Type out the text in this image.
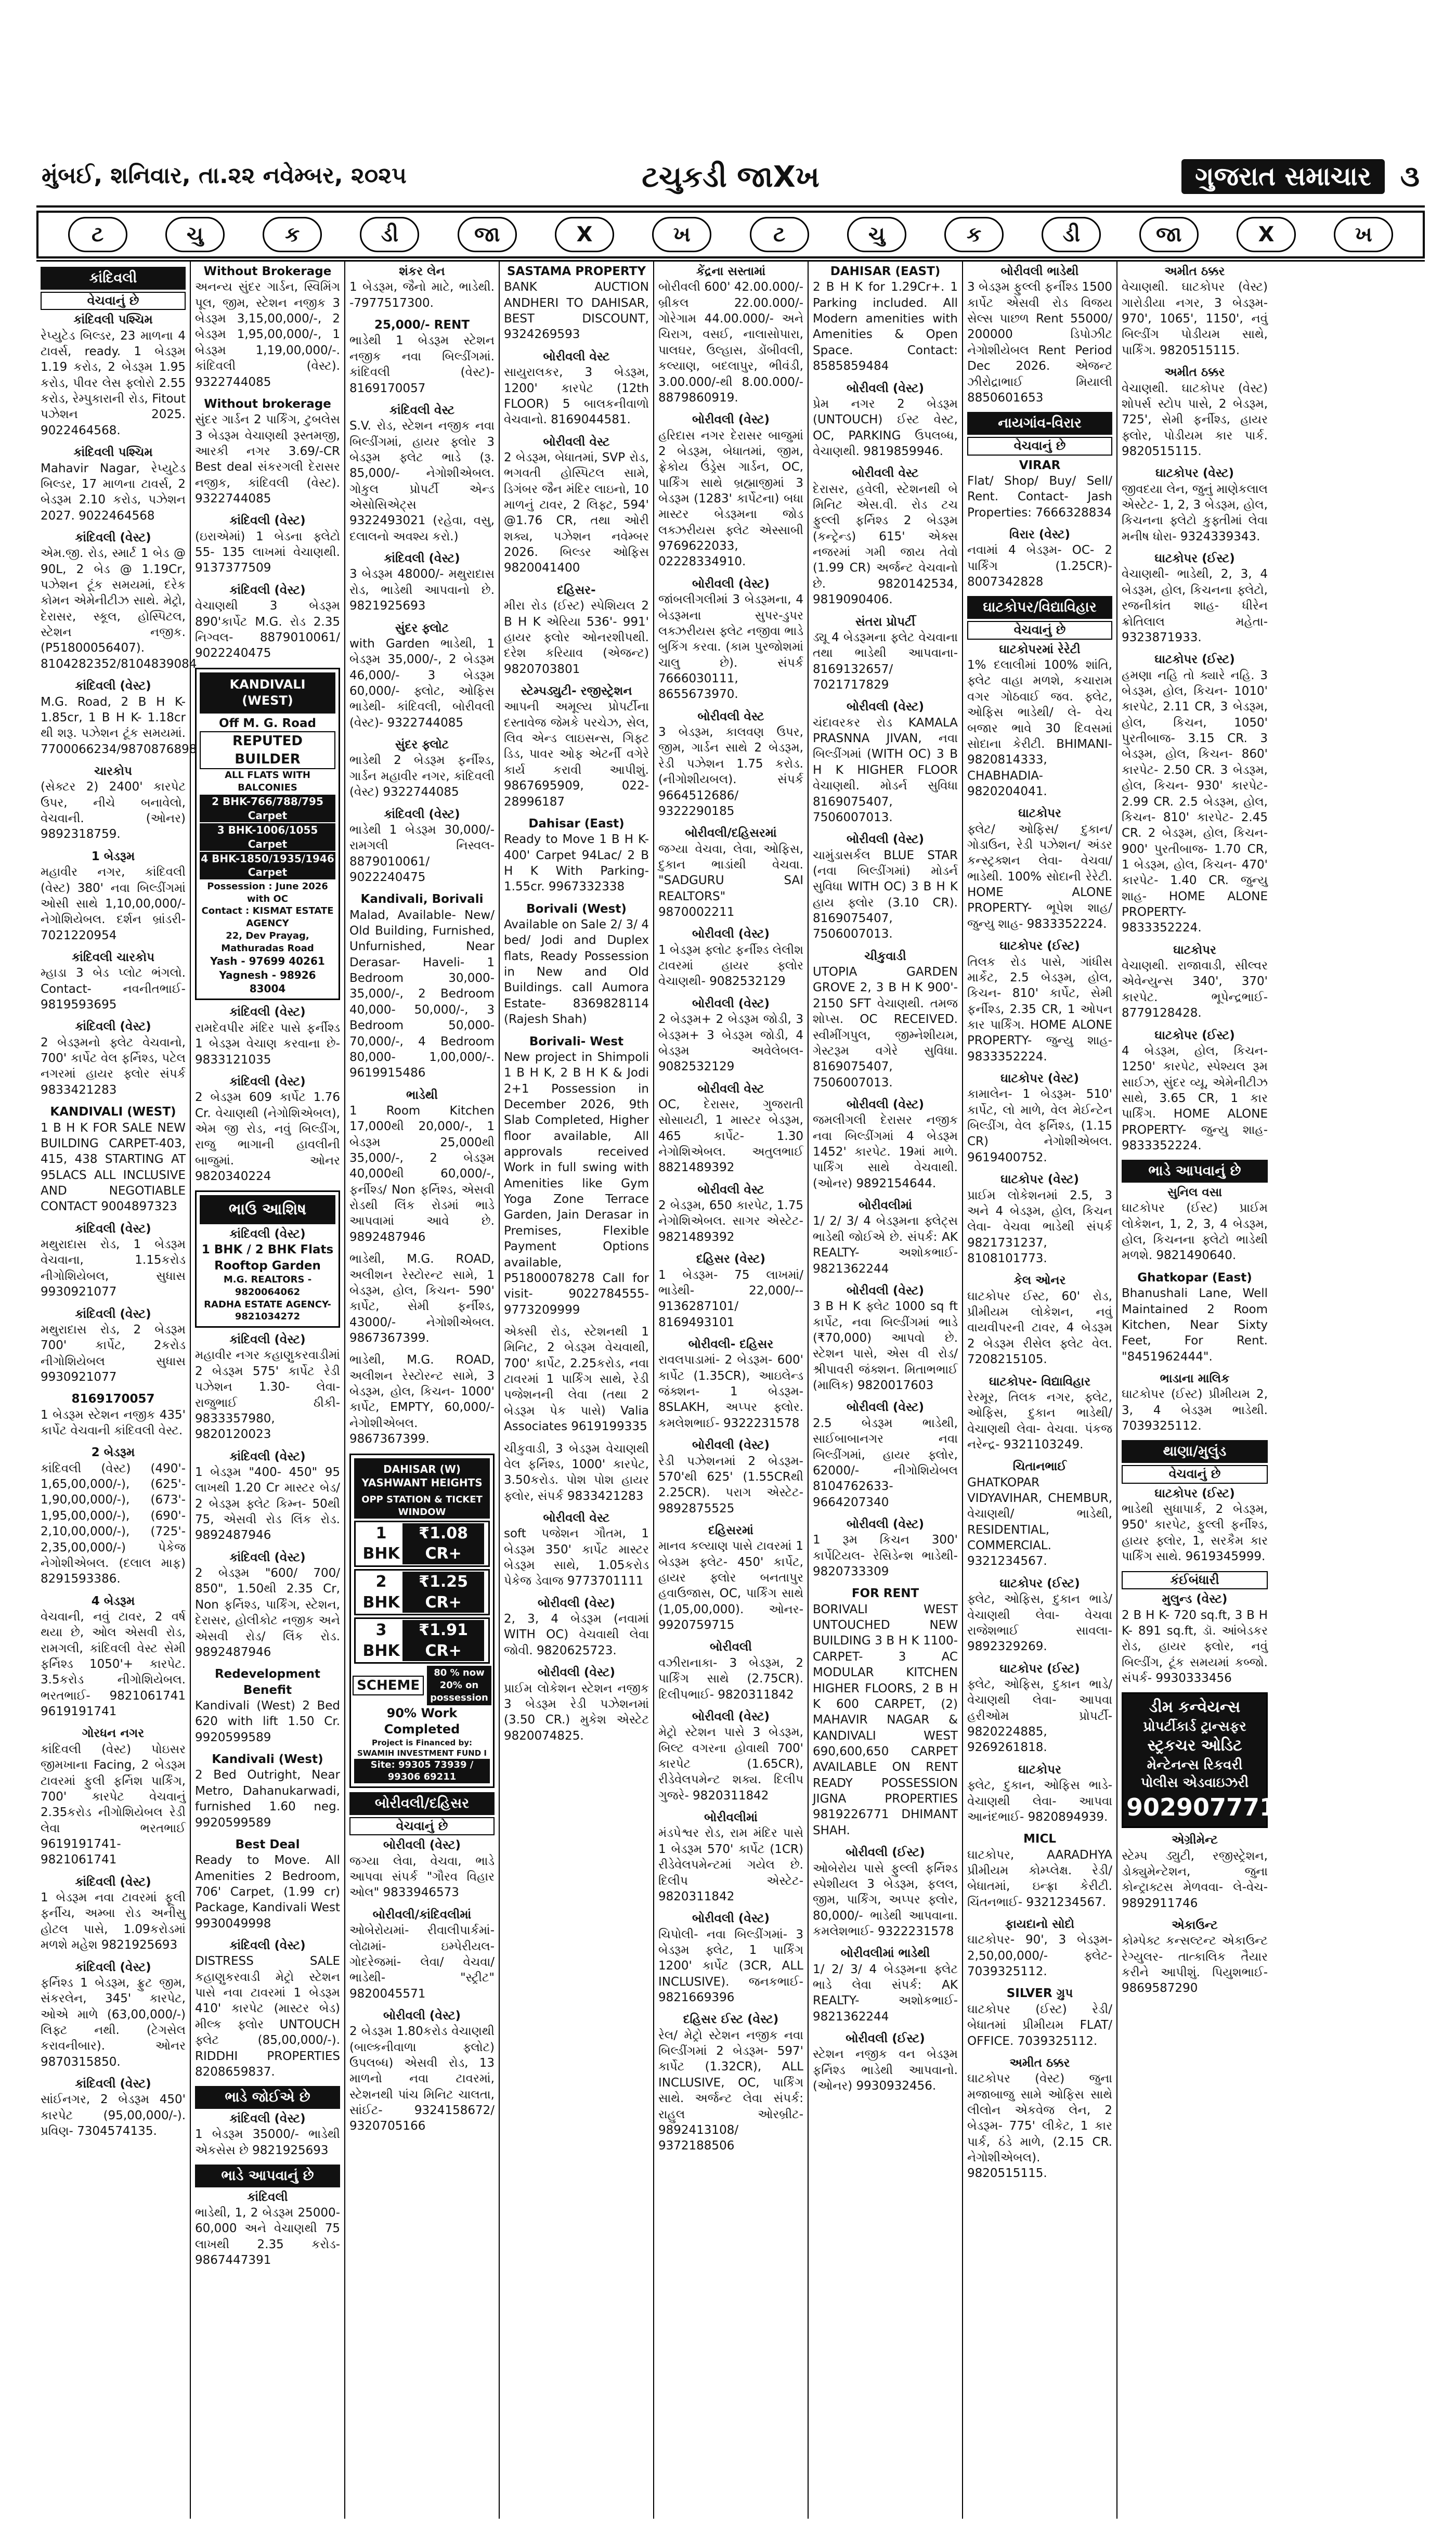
મુંબઈ, શનિવાર, તા.૨૨ નવેમ્બર, ૨૦૨૫	ટચુકડી જાXખ	ગુજરાત સમાચાર	૩
ટ	ચુ	ક	ડી	જા	X	ખ	ટ	ચુ	ક	ડી	જા	X	ખ
કાંદિવલી
વેચવાનું છે
કાંદિવલી પશ્ચિમ
રેપ્યુટેડ બિલ્ડર, 23 માળના 4 ટાવર્સ, ready. 1 બેડરૂમ 1.19 કરોડ, 2 બેડરૂમ 1.95 કરોડ, પીવર લેસ ફ્લોરો 2.55 કરોડ, રેમ્પુકારાની રોડ, Fitout પઝેશન 2025. 9022464568.
કાંદિવલી પશ્ચિમ
Mahavir Nagar, રેપ્યુટેડ બિલ્ડર, 17 માળના ટાવર્સ, 2 બેડરૂમ 2.10 કરોડ, પઝેશન 2027. 9022464568
કાંદિવલી (વેસ્ટ)
એમ.જી. રોડ, સ્માર્ટ 1 બેડ @ 90L, 2 બેડ @ 1.19Cr, પઝેશન ટૂંક સમયમાં, દરેક કોમન એમેનીટીઝ સાથે. મેટ્રો, દેરાસર, સ્કૂલ, હોસ્પિટલ, સ્ટેશન નજીક. (P51800056407). 8104282352/8104839084
કાંદિવલી (વેસ્ટ)
M.G. Road, 2 B H K- 1.85cr, 1 B H K- 1.18cr થી શરૂ. પઝેશન ટૂંક સમયમાં. 7700066234/9870876898
ચારકોપ
(સેક્ટર 2) 2400' કારપેટ ઉપર, નીચે બનાવેલો, વેચવાની. (ઓનર) 9892318759.
1 બેડરૂમ
મહાવીર નગર, કાંદિવલી (વેસ્ટ) 380' નવા બિલ્ડીંગમાં ઓસી સાથે 1,10,00,000/- નેગોશિયેબલ. દર્શન બ્રાંડરી- 7021220954
કાંદિવલી ચારકોપ
મ્હાડા 3 બેડ પ્લોટ ભંગલો. Contact- નવનીતભાઈ- 9819593695
કાંદિવલી (વેસ્ટ)
2 બેડરૂમનો ફ્લેટ વેચવાનો, 700' કાર્પેટ વેલ ફર્નિશ્ડ, પટેલ નગરમાં હાયર ફ્લોર સંપર્ક 9833421283
KANDIVALI (WEST)
1 B H K FOR SALE NEW BUILDING CARPET-403, 415, 438 STARTING AT 95LACS ALL INCLUSIVE AND NEGOTIABLE CONTACT 9004897323
કાંદિવલી (વેસ્ટ)
મથુરાદાસ રોડ, 1 બેડરૂમ વેચવાના, 1.15કરોડ નીગોશિયેબલ, સુધાસ 9930921077
કાંદિવલી (વેસ્ટ)
મથુરાદાસ રોડ, 2 બેડરૂમ 700' કાર્પેટ, 2કરોડ નીગોશિયેબલ સુધાસ 9930921077
8169170057
1 બેડરૂમ સ્ટેશન નજીક 435' કાર્પેટ વેચવાની કાંદિવલી વેસ્ટ.
2 બેડરૂમ
કાંદિવલી (વેસ્ટ) (490'- 1,65,00,000/-), (625'- 1,90,00,000/-), (673'- 1,95,00,000/-), (690'- 2,10,00,000/-), (725'- 2,35,00,000/-) પેકેજ નેગોશીએબલ. (દલાલ માફ) 8291593386.
4 બેડરૂમ
વેચવાની, નવું ટાવર, 2 વર્ષ થયા છે, ઓલ એસવી રોડ, રામગલી, કાંદિવલી વેસ્ટ સેમી ફર્નિશ્ડ 1050'+ કારપેટ. 3.5કરોડ નીગોશિયેબલ. ભરતભાઈ- 9821061741 9619191741
ગોરધન નગર
કાંદિવલી (વેસ્ટ) પોઇસર જીમખાના Facing, 2 બેડરૂમ ટાવરમાં ફુલી ફર્નિશ પાર્કિંગ, 700' કારપેટ વેચવાનું 2.35કરોડ નીગોશિયેબલ રેડી લેવા ભરતભાઈ 9619191741- 9821061741
કાંદિવલી (વેસ્ટ)
1 બેડરૂમ નવા ટાવરમાં ફૂલી ફર્નીચ, અમ્બા રોડ અનીસુ હોટલ પાસે, 1.09કરોડમાં મળશે મહેશ 9821925693
કાંદિવલી (વેસ્ટ)
ફર્નિશ્ડ 1 બેડરૂમ, ફ્રુટ જીમ, સંકરલેન, 345' કારપેટ, ઓએ માળે (63,00,000/-) લિફ્ટ નથી. (ટેગસેલ કરાવનીબાર). ઓનર 9870315850.
કાંદિવલી (વેસ્ટ)
સાંઈનગર, 2 બેડરૂમ 450' કારપેટ (95,00,000/-). પ્રવિણ- 7304574135.
Without Brokerage
અનન્ય સુંદર ગાર્ડન, સ્વિમિંગ પૂલ, જીમ, સ્ટેશન નજીક 3 બેડરૂમ 3,15,00,000/-, 2 બેડરૂમ 1,95,00,000/-, 1 બેડરૂમ 1,19,00,000/-. કાંદિવલી (વેસ્ટ). 9322744085
Without brokerage
સુંદર ગાર્ડન 2 પાર્કિંગ, ટુબલેસ 3 બેડરૂમ વેચાણથી રૂસ્તમજી, આરકી નગર 3.69/-CR Best deal સંકરગલી દેરાસર નજીક, કાંદિવલી (વેસ્ટ). 9322744085
કાંદિવલી (વેસ્ટ)
(ઇરાએમાં) 1 બેડના ફ્લેટો 55- 135 લાખમાં વેચાણથી. 9137377509
કાંદિવલી (વેસ્ટ)
વેચાણથી 3 બેડરૂમ 890'કાર્પેટ M.G. રોડ 2.35 નિગ્વલ- 8879010061/ 9022240475
KANDIVALI (WEST)
Off M. G. Road
REPUTED BUILDER
ALL FLATS WITH BALCONIES
2 BHK-766/788/795 Carpet
3 BHK-1006/1055 Carpet
4 BHK-1850/1935/1946 Carpet
Possession : June 2026 with OC
Contact : KISMAT ESTATE AGENCY
22, Dev Prayag, Mathuradas Road
Yash - 97699 40261
Yagnesh - 98926 83004
કાંદિવલી (વેસ્ટ)
રામદેવપીર મંદિર પાસે ફર્નીશ્ડ 1 બેડરૂમ વેચાણ કરવાના છે- 9833121035
કાંદિવલી (વેસ્ટ)
2 બેડરૂમ 609 કાર્પેટ 1.76 Cr. વેચાણથી (નેગોશિએબલ), એમ જી રોડ, નવું બિલ્ડીંગ, રાજુ ભાગાની હાવલીની બાજુમાં. ઓનર 9820340224
ભાઉ આશિષ
કાંદિવલી (વેસ્ટ)
1 BHK / 2 BHK Flats
Rooftop Garden
M.G. REALTORS - 9820064062
RADHA ESTATE AGENCY-9821034272
કાંદિવલી (વેસ્ટ)
મહાવીર નગર કહાણુકરવાડીમાં 2 બેડરૂમ 575' કાર્પેટ રેડી પઝેશન 1.30- લેવા- રાજુભાઈ ઠીકી- 9833357980, 9820120023
કાંદિવલી (વેસ્ટ)
1 બેડરૂમ "400- 450" 95 લાખથી 1.20 Cr માસ્ટર બેડ/ 2 બેડરૂમ ફ્લેટ કિમ્ન- 50થી 75, એસવી રોડ લિંક રોડ. 9892487946
કાંદિવલી (વેસ્ટ)
2 બેડરૂમ "600/ 700/ 850", 1.50થી 2.35 Cr, Non ફર્નિશ્ડ, પાર્કિંગ, સ્ટેશન, દેરાસર, હોલીકોટ નજીક અને એસવી રોડ/ લિંક રોડ. 9892487946
Redevelopment Benefit
Kandivali (West) 2 Bed 620 with lift 1.50 Cr. 9920599589
Kandivali (West)
2 Bed Outright, Near Metro, Dahanukarwadi, furnished 1.60 neg. 9920599589
Best Deal
Ready to Move. All Amenities 2 Bedroom, 706' Carpet, (1.99 cr) Package, Kandivali West 9930049998
કાંદિવલી (વેસ્ટ)
DISTRESS SALE કહાણુકરવાડી મેટ્રો સ્ટેશન પાસે નવા ટાવરમાં 1 બેડરૂમ 410' કારપેટ (માસ્ટર બેડ) મીલ્ક ફ્લોર UNTOUCH ફ્લેટ (85,00,000/-). RIDDHI PROPERTIES 8208659837.
ભાડે જોઈએ છે
કાંદિવલી (વેસ્ટ)
1 બેડરૂમ 35000/- ભાડેથી એકસેસ છે 9821925693
ભાડે આપવાનું છે
કાંદિવલી
ભાડેથી, 1, 2 બેડરૂમ 25000- 60,000 અને વેચાણથી 75 લાખથી 2.35 કરોડ- 9867447391
શંકર લેન
1 બેડરૂમ, જૈનો માટે, ભાડેથી. -7977517300.
25,000/- RENT
ભાડેથી 1 બેડરૂમ સ્ટેશન નજીક નવા બિલ્ડીંગમાં. કાંદિવલી (વેસ્ટ)- 8169170057
કાંદિવલી વેસ્ટ
S.V. રોડ, સ્ટેશન નજીક નવા બિલ્ડીંગમાં, હાયર ફ્લોર 3 બેડરૂમ ફ્લેટ ભાડે (રૂ. 85,000/- નેગોશીએબલ. ગોકુલ પ્રોપર્ટી એન્ડ એસોસિએટ્સ 9322493021 (રહેવા, વસુ, દલાલનો અવશ્ય કરો.)
કાંદિવલી (વેસ્ટ)
3 બેડરૂમ 48000/- મથુરાદાસ રોડ, ભાડેથી આપવાનો છે. 9821925693
સુંદર ફ્લોટ
with Garden ભાડેથી, 1 બેડરૂમ 35,000/-, 2 બેડરૂમ 46,000/- 3 બેડરૂમ 60,000/- ફ્લોટ, ઓફિસ ભાડેથી- કાંદિવલી, બોરીવલી (વેસ્ટ)- 9322744085
સુંદર ફ્લોટ
ભાડેથી 2 બેડરૂમ ફર્નીશ્ડ, ગાર્ડન મહાવીર નગર, કાંદિવલી (વેસ્ટ) 9322744085
કાંદિવલી (વેસ્ટ)
ભાડેથી 1 બેડરૂમ 30,000/- રામગલી નિસ્વલ- 8879010061/ 9022240475
Kandivali, Borivali
Malad, Available- New/ Old Building, Furnished, Unfurnished, Near Derasar- Haveli- 1 Bedroom 30,000- 35,000/-, 2 Bedroom 40,000- 50,000/-, 3 Bedroom 50,000- 70,000/-, 4 Bedroom 80,000- 1,00,000/-. 9619915486
ભાડેથી
1 Room Kitchen 17,000થી 20,000/-, 1 બેડરૂમ 25,000થી 35,000/-, 2 બેડરૂમ 40,000થી 60,000/-, ફર્નીશ્ડ/ Non ફર્નિશ્ડ, એસવી રોડથી લિંક રોડમાં ભાડે આપવામાં આવે છે. 9892487946
ભાડેથી, M.G. ROAD, અલીશન રેસ્ટોરન્ટ સામે, 1 બેડરૂમ, હોલ, કિચન- 590' કાર્પેટ, સેમી ફર્નીશ્ડ, 43000/- નેગોશીએબલ. 9867367399.
ભાડેથી, M.G. ROAD, અલીશન રેસ્ટોરન્ટ સામે, 3 બેડરૂમ, હોલ, કિચન- 1000' કાર્પેટ, EMPTY, 60,000/- નેગોશીએબલ. 9867367399.
DAHISAR (W) YASHWANT HEIGHTS
OPP STATION & TICKET WINDOW
1 BHK
₹1.08 CR+
2 BHK
₹1.25 CR+
3 BHK
₹1.91 CR+
SCHEME
80 % now
20% on possession
90% Work Completed
Project is Financed by: SWAMIH INVESTMENT FUND I
Site: 99305 73939 / 99306 69211
બોરીવલી/દહિસર
વેચવાનું છે
બોરીવલી (વેસ્ટ)
જગ્યા લેવા, વેચવા, ભાડે આપવા સંપર્ક "ગૌરવ વિહાર ઓલ" 9833946573
બોરીવલી/કાંદિવલીમાં
ઓબેરોયમાં- રીવાલીપાર્કમાં- લોઢામાં- ઇમ્પેરીયલ- ગોદરેજમાં- લેવા/ વેચવા/ ભાડેથી- "સ્ટ્રીટ" 9820045571
બોરીવલી (વેસ્ટ)
2 બેડરૂમ 1.80કરોડ વેચાણથી (બાલ્કનીવાળા ફ્લોટ) ઉપલબ્ધ) એસવી રોડ, 13 માળનો નવા ટાવરમાં, સ્ટેશનથી પાંચ મિનિટ ચાલતા, સાંઈટ- 9324158672/ 9320705166
SASTAMA PROPERTY
BANK AUCTION ANDHERI TO DAHISAR, BEST DISCOUNT, 9324269593
બોરીવલી વેસ્ટ
સાયુરાલકર, 3 બેડરૂમ, 1200' કારપેટ (12th FLOOR) 5 બાલકનીવાળો વેચવાનો. 8169044581.
બોરીવલી વેસ્ટ
2 બેડરૂમ, બેધાતમાં, SVP રોડ, ભગવતી હોસ્પિટલ સામે, ડિગંબર જૈન મંદિર લાઇનો, 10 માળનું ટાવર, 2 લિફ્ટ, 594' @1.76 CR, તથા ઓરી શક્ય, પઝેશન નવેમ્બર 2026. બિલ્ડર ઓફિસ 9820041400
દહિસર-
મીરા રોડ (ઈસ્ટ) સ્પેશિયલ 2 B H K એરિયા 536'- 991' હાયર ફ્લોર ઓનરશીપથી. દરેશ કરિયાવ (એજન્ટ) 9820703801
સ્ટેમ્પડ્યુટી- રજીસ્ટ્રેશન
આપની અમૂલ્ય પ્રોપર્ટીના દસ્તાવેજ જેમકે પરચેઝ, સેલ, લિવ એન્ડ લાઇસન્સ, ગિફ્ટ ડિડ, પાવર ઓફ એટર્ની વગેરે કાર્ય કરાવી આપીશું. 9867695909, 022-28996187
Dahisar (East)
Ready to Move 1 B H K- 400' Carpet 94Lac/ 2 B H K With Parking- 1.55cr. 9967332338
Borivali (West)
Available on Sale 2/ 3/ 4 bed/ Jodi and Duplex flats, Ready Possession in New and Old Buildings. call Aumora Estate- 8369828114 (Rajesh Shah)
Borivali- West
New project in Shimpoli 1 B H K, 2 B H K & Jodi 2+1 Possession in December 2026, 9th Slab Completed, Higher floor available, All approvals received Work in full swing with Amenities like Gym Yoga Zone Terrace Garden, Jain Derasar in Premises, Flexible Payment Options available, P51800078278 Call for visit- 9022784555- 9773209999
એક્સી રોડ, સ્ટેશનથી 1 મિનિટ, 2 બેડરૂમ વેચવાથી, 700' કાર્પેટ, 2.25કરોડ, નવા ટાવરમાં 1 પાર્કિંગ સાથે, રેડી પજેશનની લેવા (તથા 2 બેડરૂમ પેક પાસે) Valia Associates 9619199335
ચીકુવાડી, 3 બેડરૂમ વેચાણથી વેલ ફર્નિશ્ડ, 1000' કારપેટ, 3.50કરોડ. પોશ પોશ હાયર ફ્લોર, સંપર્ક 9833421283
બોરીવલી વેસ્ટ
soft પજેશન ગૌતમ, 1 બેડરૂમ 350' કાર્પેટ માસ્ટર બેડરૂમ સાથે, 1.05કરોડ પેકેજ ડેવાજ 9773701111
બોરીવલી (વેસ્ટ)
2, 3, 4 બેડરૂમ (નવામાં WITH OC) વેચવાથી લેવા જોવી. 9820625723.
બોરીવલી (વેસ્ટ)
પ્રાઈમ લોકેશન સ્ટેશન નજીક 3 બેડરૂમ રેડી પઝેશનમાં (3.50 CR.) મુકેશ એસ્ટેટ 9820074825.
કેંદ્રના સસ્તામાં
બોરીવલી 600' 42.00.000/- બ્રીકલ 22.00.000/- ગોરેગામ 44.00.000/- અને ચિરાગ, વસઈ, નાલાસોપારા, પાલઘર, ઉલ્હાસ, ડોંબીવલી, કલ્યાણ, બદલાપુર, ભીવંડી, 3.00.000/-થી 8.00.000/- 8879860919.
બોરીવલી (વેસ્ટ)
હરિદાસ નગર દેરાસર બાજુમાં 2 બેડરૂમ, બેધાતમાં, જીમ, ફ્રેકોય ઉંડ્રેસ ગાર્ડન, OC, પાર્કિંગ સાથે બ્રહ્માજીમાં 3 બેડરૂમ (1283' કાર્પેટના) બધા માસ્ટર બેડરૂમના જોડ લક્ઝરીયસ ફ્લેટ એસ્સાબી 9769622033, 02228334910.
બોરીવલી (વેસ્ટ)
જાંબલીગલીમાં 3 બેડરૂમના, 4 બેડરૂમના સુપર-ડુપર લક્ઝરીયસ ફ્લેટ નજીવા ભાડે બુકિંગ કરવા. (કામ પુરજોશમાં ચાલુ છે). સંપર્ક 7666030111, 8655673970.
બોરીવલી વેસ્ટ
3 બેડરૂમ, કાલવણ ઉપર, જીમ, ગાર્ડન સાથે 2 બેડરૂમ, રેડી પઝેશન 1.75 કરોડ. (નીગોશીયબલ). સંપર્ક 9664512686/ 9322290185
બોરીવલી/દહિસરમાં
જગ્યા વેચવા, લેવા, ઓફિસ, દુકાન ભાડાંથી વેચવા. "SADGURU SAI REALTORS" 9870002211
બોરીવલી (વેસ્ટ)
1 બેડરૂમ ફ્લોટ ફર્નીશ્ડ લેલીશ ટાવરમાં હાયર ફ્લોર વેચાણથી- 9082532129
બોરીવલી (વેસ્ટ)
2 બેડરૂમ+ 2 બેડરૂમ જોડી, 3 બેડરૂમ+ 3 બેડરૂમ જોડી, 4 બેડરૂમ અવેલેબલ- 9082532129
બોરીવલી વેસ્ટ
OC, દેરાસર, ગુજરાતી સોસાયટી, 1 માસ્ટર બેડરૂમ, 465 કાર્પેટ- 1.30 નેગોશિએબલ. અતુલભાઈ 8821489392
બોરીવલી વેસ્ટ
2 બેડરૂમ, 650 કારપેટ, 1.75 નેગોશિએબલ. સાગર એસ્ટેટ- 9821489392
દહિસર (વેસ્ટ)
1 બેડરૂમ- 75 લાખમાં/ ભાડેથી- 22,000/-- 9136287101/ 8169493101
બોરીવલી- દહિસર
રાવલપાડામાં- 2 બેડરૂમ- 600' કાર્પેટ (1.35CR), આઇલેન્ડ જંક્શન- 1 બેડરૂમ- 8SLAKH, અપ્પર ફ્લોર. કમલેશભાઈ- 9322231578
બોરીવલી (વેસ્ટ)
રેડી પઝેશનમાં 2 બેડરૂમ- 570'થી 625' (1.55CRથી 2.25CR). પરાગ એસ્ટેટ- 9892875525
દહિસરમાં
માનવ કલ્યાણ પાસે ટાવરમાં 1 બેડરૂમ ફ્લેટ- 450' કાર્પેટ, હાયર ફ્લોર બનતાપુર હવાઉજાસ, OC, પાર્કિંગ સાથે (1,05,00,000). ઓનર- 9920759715
બોરીવલી
વઝીરાનાકા- 3 બેડરૂમ, 2 પાર્કિંગ સાથે (2.75CR). દિલીપભાઈ- 9820311842
બોરીવલી (વેસ્ટ)
મેટ્રો સ્ટેશન પાસે 3 બેડરૂમ, બિલ્ટ વગરના હોવાથી 700' કારપેટ (1.65CR), રીડેવેલપમેન્ટ શક્ય. દિલીપ ગુજરે- 9820311842
બોરીવલીમાં
મંડપેશ્વર રોડ, રામ મંદિર પાસે 1 બેડરૂમ 570' કાર્પેટ (1CR) રીડેવેલપમેન્ટમાં ગયેલ છે. દિલીપ એસ્ટેટ- 9820311842
બોરીવલી (વેસ્ટ)
ચિપોલી- નવા બિલ્ડીંગમાં- 3 બેડરૂમ ફ્લેટ, 1 પાર્કિંગ 1200' કાર્પેટ (3CR, ALL INCLUSIVE). જનકભાઈ- 9821669396
દહિસર ઈસ્ટ (વેસ્ટ)
રેલ/ મેટ્રો સ્ટેશન નજીક નવા બિલ્ડીંગમાં 2 બેડરૂમ- 597' કાર્પેટ (1.32CR), ALL INCLUSIVE, OC, પાર્કિંગ સાથે. અર્જન્ટ લેવા સંપર્ક: રાહુલ ઓરબ્રીટ- 9892413108/ 9372188506
DAHISAR (EAST)
2 B H K for 1.29Cr+. 1 Parking included. All Modern amenities with Amenities & Open Space. Contact: 8585859484
બોરીવલી (વેસ્ટ)
પ્રેમ નગર 2 બેડરૂમ (UNTOUCH) ઈસ્ટ વેસ્ટ, OC, PARKING ઉપલબ્ધ, વેચાણથી. 9819859946.
બોરીવલી વેસ્ટ
દેરાસર, હવેલી, સ્ટેશનથી બે મિનિટ એસ.વી. રોડ ટચ ફુલ્લી ફર્નિશ્ડ 2 બેડરૂમ (કન્ટ્રેન્ડ) 615' એક્સ નજરમાં ગમી જાય તેવો (1.99 CR) અર્જન્ટ વેચવાનો છે. 9820142534, 9819090406.
સંતરા પ્રોપર્ટી
ડ્યૂ 4 બેડરૂમના ફ્લેટ વેચવાના તથા ભાડેથી આપવાના- 8169132657/ 7021717829
બોરીવલી (વેસ્ટ)
ચંદાવરકર રોડ KAMALA PRASNNA JIVAN, નવા બિલ્ડીંગમાં (WITH OC) 3 B H K HIGHER FLOOR વેચાણથી. મોડર્ન સુવિધા 8169075407, 7506007013.
બોરીવલી (વેસ્ટ)
ચામુંડાસર્કલ BLUE STAR (નવા બિલ્ડીંગમાં) મોડર્ન સુવિધા WITH OC) 3 B H K હાય ફ્લોર (3.10 CR). 8169075407, 7506007013.
ચીકુવાડી
UTOPIA GARDEN GROVE 2, 3 B H K 900'- 2150 SFT વેચાણથી. તમજ શોપ્સ. OC RECEIVED. સ્વીમીંગપુલ, જીમ્નેશીયમ, ગેસ્ટરૂમ વગેરે સુવિધા. 8169075407, 7506007013.
બોરીવલી (વેસ્ટ)
જમલીગલી દેરાસર નજીક નવા બિલ્ડીંગમાં 4 બેડરૂમ 1452' કારપેટ. 19માં માળે. પાર્કિંગ સાથે વેચવાથી. (ઓનર) 9892154644.
બોરીવલીમાં
1/ 2/ 3/ 4 બેડરૂમના ફ્લેટ્સ ભાડેથી જોઈએ છે. સંપર્ક: AK REALTY- અશોકભાઈ- 9821362244
બોરીવલી (વેસ્ટ)
3 B H K ફ્લેટ 1000 sq ft કાર્પેટ, નવા બિલ્ડીંગમાં ભાડે (₹70,000) આપવો છે. સ્ટેશન પાસે, એસ વી રોડ/ શ્રીપાવરી જંક્શન. મિતાભભાઈ (માલિક) 9820017603
બોરીવલી (વેસ્ટ)
2.5 બેડરૂમ ભાડેથી, સાઈબાબાનગર નવા બિલ્ડીંગમાં, હાયર ફ્લોર, 62000/- નીગોશિયેબલ 8104762633- 9664207340
બોરીવલી (વેસ્ટ)
1 રૂમ કિચન 300' કાર્પેટિયલ- રેસિડેન્શ ભાડેથી- 9820733309
FOR RENT
BORIVALI WEST UNTOUCHED NEW BUILDING 3 B H K 1100- CARPET- 3 AC MODULAR KITCHEN HIGHER FLOORS, 2 B H K 600 CARPET, (2) MAHAVIR NAGAR & KANDIVALI WEST 690,600,650 CARPET AVAILABLE ON RENT READY POSSESSION JIGNA PROPERTIES 9819226771 DHIMANT SHAH.
બોરીવલી (ઈસ્ટ)
ઓબેરોય પાસે ફુલ્લી ફર્નિશ્ડ સ્પેશીયલ 3 બેડરૂમ, ફલલ, જીમ, પાર્કિંગ, અપ્પર ફ્લોર, 80,000/- ભાડેથી આપવાના. કમલેશભાઈ- 9322231578
બોરીવલીમાં ભાડેથી
1/ 2/ 3/ 4 બેડરૂમના ફ્લેટ ભાડે લેવા સંપર્ક: AK REALTY- અશોકભાઈ- 9821362244
બોરીવલી (ઈસ્ટ)
સ્ટેશન નજીક વન બેડરૂમ ફર્નિશ્ડ ભાડેથી આપવાનો. (ઓનર) 9930932456.
બોરીવલી ભાડેથી
3 બેડરૂમ ફુલ્લી ફર્નીશ્ડ 1500 કાર્પેટ એસવી રોડ વિજય સેલ્સ પાછળ Rent 55000/ 200000 ડિપોઝીટ નેગોશીયેબલ Rent Period Dec 2026. એજન્ટ ઝીરોદ્રાભાઈ મિયાલી 8850601653
નાયગાંવ-વિરાર
વેચવાનું છે
VIRAR
Flat/ Shop/ Buy/ Sell/ Rent. Contact- Jash Properties: 7666328834
વિરાર (વેસ્ટ)
નવામાં 4 બેડરૂમ- OC- 2 પાર્કિંગ (1.25CR)- 8007342828
ઘાટકોપર/વિદ્યાવિહાર
વેચવાનું છે
ઘાટકોપરમાં રેરેટી
1% દલાલીમાં 100% શાંતિ, ફ્લેટ વાહા મળશે, કચારામ વગર ગોઠવાઈ જવ. ફ્લેટ, ઓફિસ ભાડેથી/ લે- વેચ બજાર ભાવે 30 દિવસમાં સોદાના કેરીટી. BHIMANI- 9820814333, CHABHADIA- 9820204041.
ઘાટકોપર
ફ્લેટ/ ઓફિસ/ દુકાન/ ગોડાઉન, રેડી પઝેશન/ અંડર કન્સ્ટ્રક્શન લેવા- વેચવા/ ભાડેથી. 100% સોદાની રેરેટી. HOME ALONE PROPERTY- ભૂપેશ શાહ/ જુન્યુ શાહ- 9833352224.
ઘાટકોપર (ઈસ્ટ)
તિલક રોડ પાસે, ગાંધીસ માર્કેટ, 2.5 બેડરૂમ, હોલ, કિચન- 810' કાર્પેટ, સેમી ફર્નીશ્ડ, 2.35 CR, 1 ઓપન કાર પાર્કિંગ. HOME ALONE PROPERTY- જુન્યુ શાહ- 9833352224.
ઘાટકોપર (વેસ્ટ)
કામાલેન- 1 બેડરૂમ- 510' કાર્પેટ, લો માળે, વેલ મેઈન્ટેન બિલ્ડીંગ, વેલ ફર્નિશ્ડ, (1.15 CR) નેગોશીએબલ. 9619400752.
ઘાટકોપર (વેસ્ટ)
પ્રાઈમ લોકેશનમાં 2.5, 3 અને 4 બેડરૂમ, હોલ, કિચન લેવા- વેચવા ભાડેથી સંપર્ક 9821731237, 8108101773.
કેલ ઓનર
ઘાટકોપર ઈસ્ટ, 60' રોડ, પ્રીમીયમ લોકેશન, નવું વાયવીપરની ટાવર, 4 બેડરૂમ 2 બેડરૂમ રીસેલ ફ્લેટ વેલ. 7208215105.
ઘાટકોપર- વિદ્યાવિહાર
રેરમૂર, તિલક નગર, ફ્લેટ, ઓફિસ, દુકાન ભાડેથી/ વેચાણથી લેવા- વેચવા. પંકજ નરેન્દ્ર- 9321103249.
ચિતાનભાઈ
GHATKOPAR VIDYAVIHAR, CHEMBUR, વેચાણથી/ ભાડેથી, RESIDENTIAL, COMMERCIAL. 9321234567.
ઘાટકોપર (ઈસ્ટ)
ફ્લેટ, ઓફિસ, દુકાન ભાડે/ વેચાણથી લેવા- વેચવા રાજેશભાઈ સાવલા- 9892329269.
ઘાટકોપર (ઈસ્ટ)
ફ્લેટ, ઓફિસ, દુકાન ભાડે/ વેચાણથી લેવા- આપવા હરીઓમ પ્રોપર્ટી- 9820224885, 9269261818.
ઘાટકોપર
ફ્લેટ, દુકાન, ઓફિસ ભાડે- વેચાણથી લેવા- આપવા આનંદભાઈ- 9820894939.
MICL
ઘાટકોપર, AARADHYA પ્રીમીયમ કોમ્પ્લેક્ષ. રેડી/ બેધાતમાં, ઇન્ફ્રા કેરીટી. ચિંતનભાઈ- 9321234567.
ફાયદાનો સોદો
ઘાટકોપર- 90', 3 બેડરૂમ- 2,50,00,000/- ફ્લેટ- 7039325112.
SILVER ગ્રુપ
ઘાટકોપર (ઈસ્ટ) રેડી/ બેધાતમાં પ્રીમીયમ FLAT/ OFFICE. 7039325112.
અમીત ઠક્કર
ઘાટકોપર (વેસ્ટ) જુના મજાબાજુ સામે ઓફિસ સાથે લીલોન એકવેજ લેન, 2 બેડરૂમ- 775' લીકેટ, 1 કાર પાર્ક, ઠંડે માળે, (2.15 CR. નેગોશીએબલ). 9820515115.
અમીત ઠક્કર
વેચાણથી. ઘાટકોપર (વેસ્ટ) ગારોડીયા નગર, 3 બેડરૂમ- 970', 1065', 1150', નવું બિલ્ડીંગ પોડીયમ સાથે, પાર્કિંગ. 9820515115.
અમીત ઠક્કર
વેચાણથી. ઘાટકોપર (વેસ્ટ) શોપર્સ સ્ટોપ પાસે, 2 બેડરૂમ, 725', સેમી ફર્નીશ્ડ, હાયર ફ્લોર, પોડીયમ કાર પાર્ક. 9820515115.
ઘાટકોપર (વેસ્ટ)
જીવદયા લેન, જુનું માણેકલાલ એસ્ટેટ- 1, 2, 3 બેડરૂમ, હોલ, કિચનના ફ્લેટો કુફ્તીમાં લેવા મનીષ ધોરા- 9324339343.
ઘાટકોપર (ઈસ્ટ)
વેચાણથી- ભાડેથી, 2, 3, 4 બેડરૂમ, હોલ, કિચનના ફ્લેટો, રજનીકાંત શાહ- ધીરેન ક્રોતિલાલ મહેતા- 9323871933.
ઘાટકોપર (ઈસ્ટ)
હમણા નહિ તો ક્યારે નહિ. 3 બેડરૂમ, હોલ, કિચન- 1010' કારપેટ, 2.11 CR, 3 બેડરૂમ, હોલ, કિચન, 1050' પુરતીબાજ- 3.15 CR. 3 બેડરૂમ, હોલ, કિચન- 860' કારપેટ- 2.50 CR. 3 બેડરૂમ, હોલ, કિચન- 930' કારપેટ- 2.99 CR. 2.5 બેડરૂમ, હોલ, કિચન- 810' કારપેટ- 2.45 CR. 2 બેડરૂમ, હોલ, કિચન- 900' પુરતીબાજ- 1.70 CR, 1 બેડરૂમ, હોલ, કિચન- 470' કારપેટ- 1.40 CR. જુન્યુ શાહ- HOME ALONE PROPERTY- 9833352224.
ઘાટકોપર
વેચાણથી. રાજાવાડી, સીલ્વર એવેન્યુન્સ 340', 370' કારપેટ. ભૂપેન્દ્રભાઈ- 8779128428.
ઘાટકોપર (ઈસ્ટ)
4 બેડરૂમ, હોલ, કિચન- 1250' કારપેટ, સ્પેશ્યલ રૂમ સાઈઝ, સુંદર વ્યૂ, એમેનીટીઝ સાથે, 3.65 CR, 1 કાર પાર્કિંગ. HOME ALONE PROPERTY- જુન્યુ શાહ- 9833352224.
ભાડે આપવાનું છે
સુનિલ વસા
ઘાટકોપર (ઈસ્ટ) પ્રાઈમ લોકેશન, 1, 2, 3, 4 બેડરૂમ, હોલ, કિચનના ફ્લેટો ભાડેથી મળશે. 9821490640.
Ghatkopar (East)
Bhanushali Lane, Well Maintained 2 Room Kitchen, Near Sixty Feet, For Rent. "8451962444".
ભાડાના માલિક
ઘાટકોપર (ઈસ્ટ) પ્રીમીયમ 2, 3, 4 બેડરૂમ ભાડેથી. 7039325112.
થાણા/મુલુંડ
વેચવાનું છે
ઘાટકોપર (ઈસ્ટ)
ભાડેથી સુધાપાર્ક, 2 બેડરૂમ, 950' કારપેટ, ફુલ્લી ફર્નીશ્ડ, હાયર ફ્લોર, 1, સરકૈમ કાર પાર્કિંગ સાથે. 9619345999.
કંઈબંધારી
મુલુન્ડ (વેસ્ટ)
2 B H K- 720 sq.ft, 3 B H K- 891 sq.ft, ડૉ. આંબેડકર રોડ, હાયર ફ્લોર, નવું બિલ્ડીંગ, ટૂંક સમયમાં કબ્જો. સંપર્ક- 9930333456
ડીમ કન્વેયન્સ
પ્રોપર્ટીકાર્ડ ટ્રાન્સફર
સ્ટ્રકચર ઓડિટ
મેન્ટેનન્સ રિકવરી
પોલીસ એડવાઇઝરી
9029077715
એગ્રીમેન્ટ
સ્ટેમ્પ ડ્યુટી, રજીસ્ટ્રેશન, ડોક્યુમેન્ટેશન, જુના કોન્ટ્રાક્ટસ મેળવવા- લે-વેચ- 9892911746
એકાઉન્ટ
કોમ્પેક્ટ કન્સલ્ટન્ટ એકાઉન્ટ રેગ્યુલર- તાત્કાલિક તૈયાર કરીને આપીશું. પિયુશભાઈ- 9869587290
